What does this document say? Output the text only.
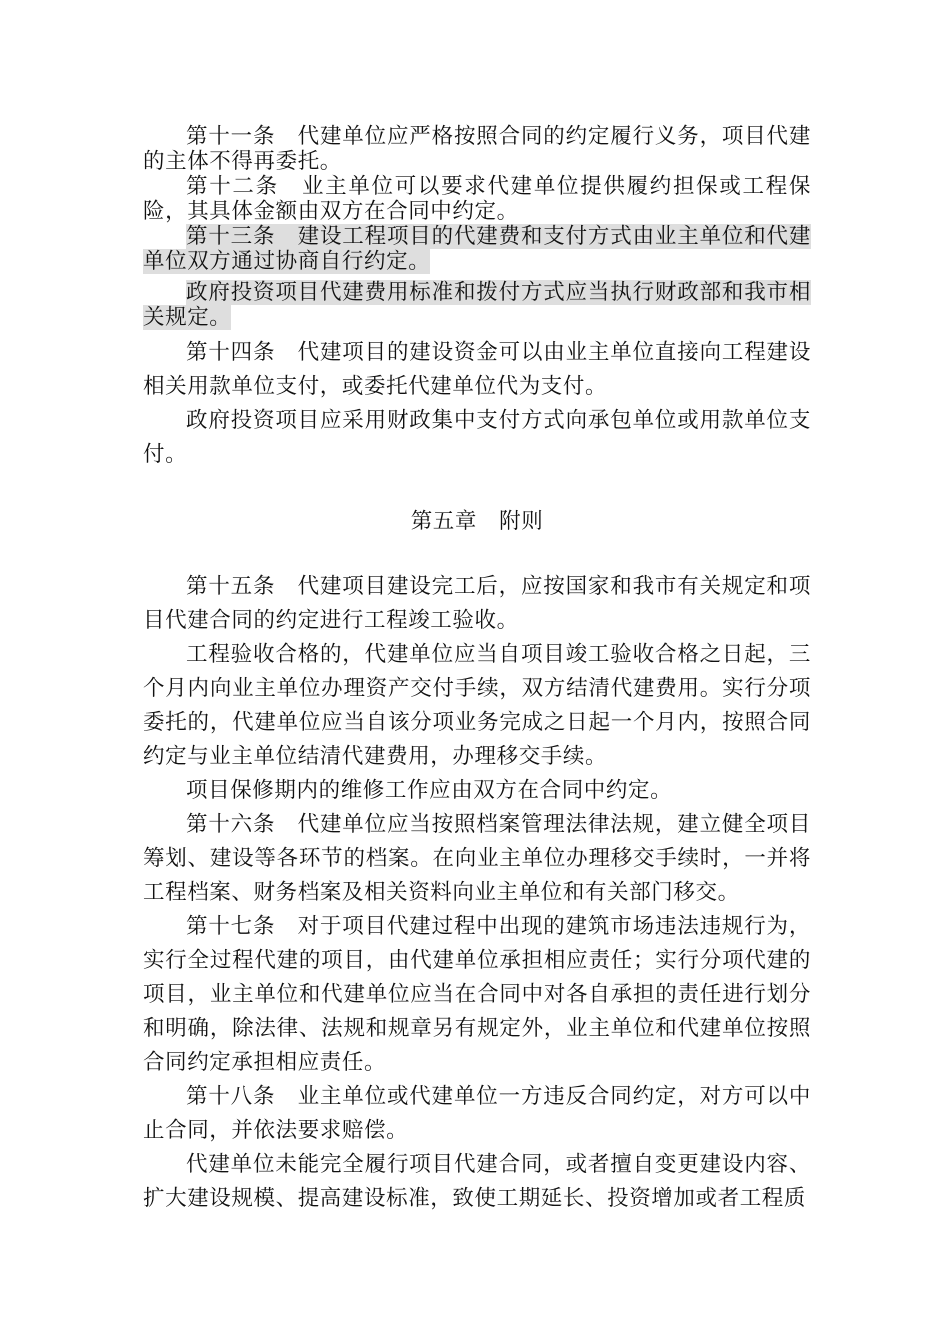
第十一条　代建单位应严格按照合同的约定履行义务，项目代建的主体不得再委托。

第十二条　业主单位可以要求代建单位提供履约担保或工程保险，其具体金额由双方在合同中约定。

第十三条　建设工程项目的代建费和支付方式由业主单位和代建单位双方通过协商自行约定。

政府投资项目代建费用标准和拨付方式应当执行财政部和我市相关规定。

第十四条　代建项目的建设资金可以由业主单位直接向工程建设相关用款单位支付，或委托代建单位代为支付。

政府投资项目应采用财政集中支付方式向承包单位或用款单位支付。

第五章　附则

第十五条　代建项目建设完工后，应按国家和我市有关规定和项目代建合同的约定进行工程竣工验收。

工程验收合格的，代建单位应当自项目竣工验收合格之日起，三个月内向业主单位办理资产交付手续，双方结清代建费用。实行分项委托的，代建单位应当自该分项业务完成之日起一个月内，按照合同约定与业主单位结清代建费用，办理移交手续。

项目保修期内的维修工作应由双方在合同中约定。

第十六条　代建单位应当按照档案管理法律法规，建立健全项目筹划、建设等各环节的档案。在向业主单位办理移交手续时，一并将工程档案、财务档案及相关资料向业主单位和有关部门移交。

第十七条　对于项目代建过程中出现的建筑市场违法违规行为，实行全过程代建的项目，由代建单位承担相应责任；实行分项代建的项目，业主单位和代建单位应当在合同中对各自承担的责任进行划分和明确，除法律、法规和规章另有规定外，业主单位和代建单位按照合同约定承担相应责任。

第十八条　业主单位或代建单位一方违反合同约定，对方可以中止合同，并依法要求赔偿。

代建单位未能完全履行项目代建合同，或者擅自变更建设内容、扩大建设规模、提高建设标准，致使工期延长、投资增加或者工程质
